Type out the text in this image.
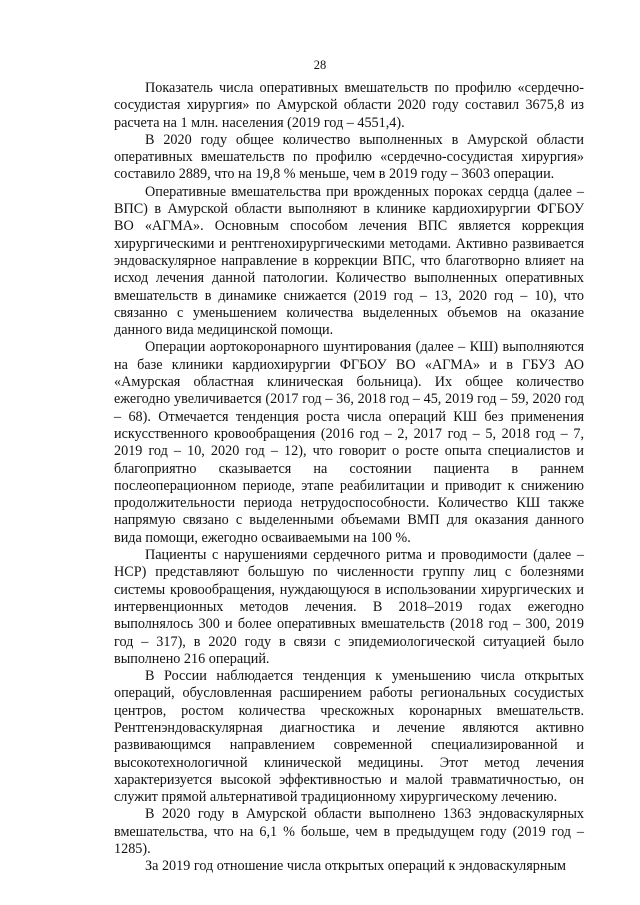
28

Показатель числа оперативных вмешательств по профилю «сердечно-сосудистая хирургия» по Амурской области 2020 году составил 3675,8 из расчета на 1 млн. населения (2019 год – 4551,4).

В 2020 году общее количество выполненных в Амурской области оперативных вмешательств по профилю «сердечно-сосудистая хирургия» составило 2889, что на 19,8 % меньше, чем в 2019 году – 3603 операции.

Оперативные вмешательства при врожденных пороках сердца (далее – ВПС) в Амурской области выполняют в клинике кардиохирургии ФГБОУ ВО «АГМА». Основным способом лечения ВПС является коррекция хирургическими и рентгенохирургическими методами. Активно развивается эндоваскулярное направление в коррекции ВПС, что благотворно влияет на исход лечения данной патологии. Количество выполненных оперативных вмешательств в динамике снижается (2019 год – 13, 2020 год – 10), что связанно с уменьшением количества выделенных объемов на оказание данного вида медицинской помощи.

Операции аортокоронарного шунтирования (далее – КШ) выполняются на базе клиники кардиохирургии ФГБОУ ВО «АГМА» и в ГБУЗ АО «Амурская областная клиническая больница). Их общее количество ежегодно увеличивается (2017 год – 36, 2018 год – 45, 2019 год – 59, 2020 год – 68). Отмечается тенденция роста числа операций КШ без применения искусственного кровообращения (2016 год – 2, 2017 год – 5, 2018 год – 7, 2019 год – 10, 2020 год – 12), что говорит о росте опыта специалистов и благоприятно сказывается на состоянии пациента в раннем послеоперационном периоде, этапе реабилитации и приводит к снижению продолжительности периода нетрудоспособности. Количество КШ также напрямую связано с выделенными объемами ВМП для оказания данного вида помощи, ежегодно осваиваемыми на 100 %.

Пациенты с нарушениями сердечного ритма и проводимости (далее – НСР) представляют большую по численности группу лиц с болезнями системы кровообращения, нуждающуюся в использовании хирургических и интервенционных методов лечения. В 2018–2019 годах ежегодно выполнялось 300 и более оперативных вмешательств (2018 год – 300, 2019 год – 317), в 2020 году в связи с эпидемиологической ситуацией было выполнено 216 операций.

В России наблюдается тенденция к уменьшению числа открытых операций, обусловленная расширением работы региональных сосудистых центров, ростом количества чрескожных коронарных вмешательств. Рентгенэндоваскулярная диагностика и лечение являются активно развивающимся направлением современной специализированной и высокотехнологичной клинической медицины. Этот метод лечения характеризуется высокой эффективностью и малой травматичностью, он служит прямой альтернативой традиционному хирургическому лечению.

В 2020 году в Амурской области выполнено 1363 эндоваскулярных вмешательства, что на 6,1 % больше, чем в предыдущем году (2019 год – 1285).

За 2019 год отношение числа открытых операций к эндоваскулярным
